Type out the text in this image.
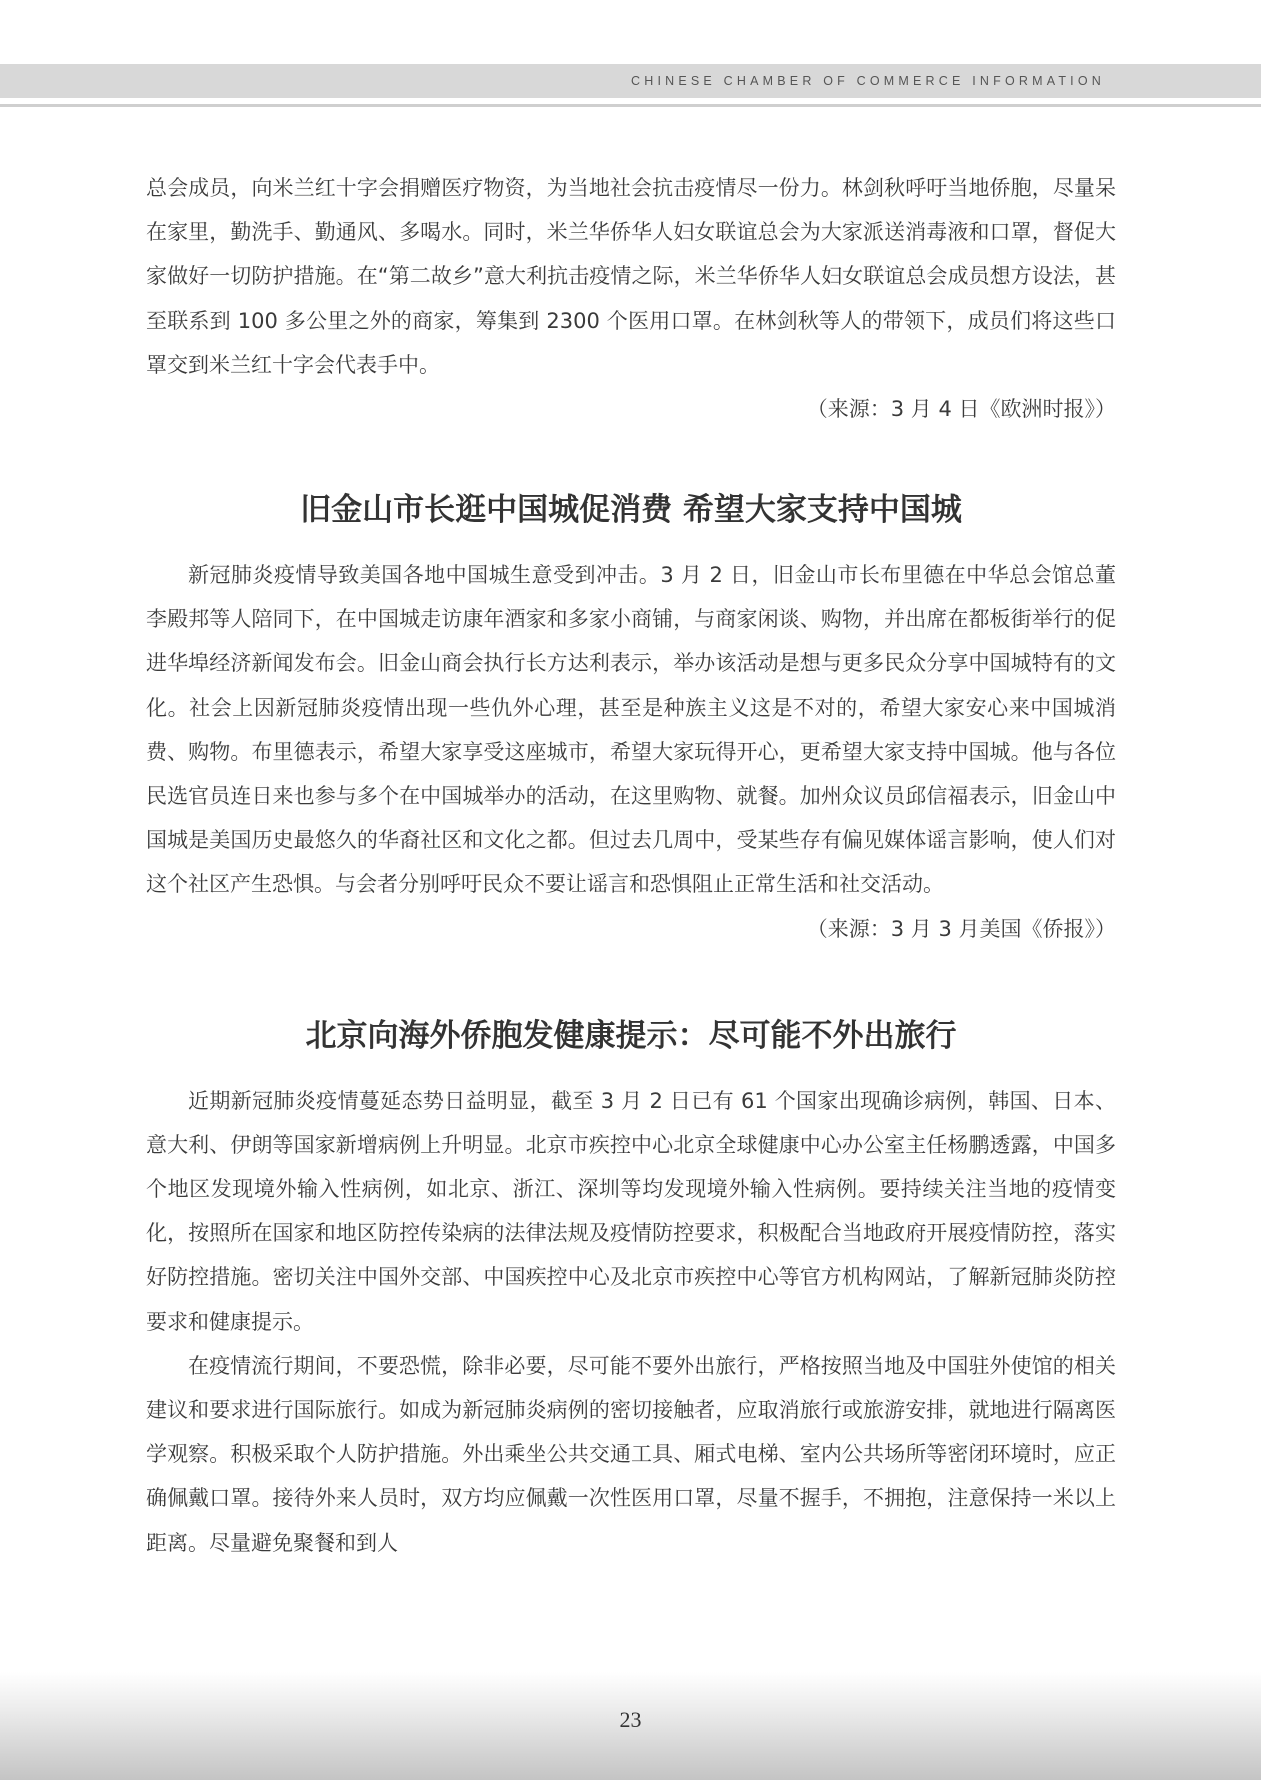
CHINESE CHAMBER OF COMMERCE INFORMATION

总会成员，向米兰红十字会捐赠医疗物资，为当地社会抗击疫情尽一份力。林剑秋呼吁当地侨胞，尽量呆在家里，勤洗手、勤通风、多喝水。同时，米兰华侨华人妇女联谊总会为大家派送消毒液和口罩，督促大家做好一切防护措施。在“第二故乡”意大利抗击疫情之际，米兰华侨华人妇女联谊总会成员想方设法，甚至联系到 100 多公里之外的商家，筹集到 2300 个医用口罩。在林剑秋等人的带领下，成员们将这些口罩交到米兰红十字会代表手中。

（来源：3 月 4 日《欧洲时报》）

旧金山市长逛中国城促消费 希望大家支持中国城

新冠肺炎疫情导致美国各地中国城生意受到冲击。3 月 2 日，旧金山市长布里德在中华总会馆总董李殿邦等人陪同下，在中国城走访康年酒家和多家小商铺，与商家闲谈、购物，并出席在都板街举行的促进华埠经济新闻发布会。旧金山商会执行长方达利表示，举办该活动是想与更多民众分享中国城特有的文化。社会上因新冠肺炎疫情出现一些仇外心理，甚至是种族主义这是不对的，希望大家安心来中国城消费、购物。布里德表示，希望大家享受这座城市，希望大家玩得开心，更希望大家支持中国城。他与各位民选官员连日来也参与多个在中国城举办的活动，在这里购物、就餐。加州众议员邱信福表示，旧金山中国城是美国历史最悠久的华裔社区和文化之都。但过去几周中，受某些存有偏见媒体谣言影响，使人们对这个社区产生恐惧。与会者分别呼吁民众不要让谣言和恐惧阻止正常生活和社交活动。

（来源：3 月 3 月美国《侨报》）

北京向海外侨胞发健康提示：尽可能不外出旅行

近期新冠肺炎疫情蔓延态势日益明显，截至 3 月 2 日已有 61 个国家出现确诊病例，韩国、日本、意大利、伊朗等国家新增病例上升明显。北京市疾控中心北京全球健康中心办公室主任杨鹏透露，中国多个地区发现境外输入性病例，如北京、浙江、深圳等均发现境外输入性病例。要持续关注当地的疫情变化，按照所在国家和地区防控传染病的法律法规及疫情防控要求，积极配合当地政府开展疫情防控，落实好防控措施。密切关注中国外交部、中国疾控中心及北京市疾控中心等官方机构网站，了解新冠肺炎防控要求和健康提示。

在疫情流行期间，不要恐慌，除非必要，尽可能不要外出旅行，严格按照当地及中国驻外使馆的相关建议和要求进行国际旅行。如成为新冠肺炎病例的密切接触者，应取消旅行或旅游安排，就地进行隔离医学观察。积极采取个人防护措施。外出乘坐公共交通工具、厢式电梯、室内公共场所等密闭环境时，应正确佩戴口罩。接待外来人员时，双方均应佩戴一次性医用口罩，尽量不握手，不拥抱，注意保持一米以上距离。尽量避免聚餐和到人

23
